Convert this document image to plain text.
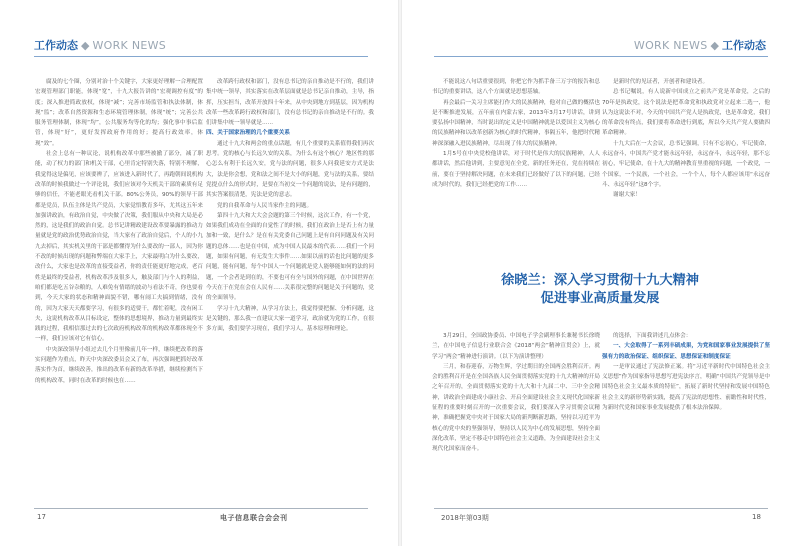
工作动态 ◆ WORK NEWS

腐及的七个圈，分别对治十个关键字，大家更好理解一合理配置宏观管理部门职能，体现“宽”，十九大报告讲的“宏观调控有度”的度；深入推进简政放权，体现“减”；完善市场监管和执法体制，体现“监”；改革自然资源和生态环境管理体制，体现“统”；完善公共服务管理体制，体现“均”，公共服务均等化的均；强化事中事后监管，体现“好”，更好发挥政府作用的好；提高行政效率，体现“效”。

社会上总有一种议论，说机构改革中那些被撤了部分，减了职能，动了权力的部门和机关干部，心里肯定特别失落，特别不理解，我觉得这是偏见，应该要辨了，应该进入新时代了，再跑朝间说机构改革的时候我做过一个评论说，我们应该对今天机关干部的素质有足够的信任，不能老眼光看机关干部。80%公务员，90%的领导干部都是党员，队伍主体是共产党员，大家觉悟教育多年，尤其这五年来加强讲政治，有政治自觉，中央做了决策，我们服从中央和大局是必然的，这是我们的政治自觉。总书记讲精政建设改革要暴露的推动力量就是党的政治优势政治自觉，当大家有了政治自觉后，个人的小九九去掉后，其实机关里的干部是都懂得为什么要改的一部人，因为你不改的时候出现的问题和弊端在大家手上，大家最明白为什么要改，改什么，大家也是改革的直接受益者，你的责任能更好地完成，老百姓是最终的受益者，机构改革涉及很多人，触及部门与个人的利益，咱们都是吃五谷杂粮的，人难免有情绪的波动与看法不奇，你也要看到，今天大家的状态和精神面貌不错，哪有闹工夫搞到情绪，没有的，因为大家天天都要学习，有很多的适要干，都忙着呢，没有闲工夫，这说机构改革从目标设定，整体的思想境界，推动力量到最终实践的过程，我相信那过去的七次政府机构改革的机构改革都体现全不一样，我们应该对它有信心。

中央深改领导小组过去几个月里像前几年一样，继续把改革的落实问题作为重点，昨天中央深改委员会又了布，再次强调把抓好改革落实作为首，继续改善，推出的改革有新的改革举措，继续检测当下的机构改革，同时在改革的时候也在……

改革跨行政权和部门，没有总书记的亲自推动是不行的，我们讲集中统一领导，其实落实在改革层面就是总书记亲自推动，主导，指挥，压实担当，改革开放四十年来，从中央到地方到基层，因为机构改革一些改革跨行政权和部门，没有总书记的亲自推动是不行的。我们讲集中统一领导就是……

四、关于国家治理的几个重要关系

通过十九大和两会的重点话题，有几个重要的关系值得我们再次思考。党的核心与长远久安的关系，为什么有这个核心？地区性的那心怎么有利于长远久安，党与法的问题，很多人问我延安方式是法大，法是你会想，党和法之间不是大小的问题，党与法的关系，要结党提点什么的形式时，是要在当初交一个问题的说法，是有问题的，其实答案很清楚，宪法是党的意志。

党的自我革命与人民当家作主的问题。

第四十九大和大大会会题的第三个时候，这次工作，有一个党，如果我们成功在全面的自觉性了的时候，我们在政治上是否上有力量加和一致，是什么？是在有关党委自己问题上是有自问问题及有关问题的总体……也是在中国，成为中国人民最本的代表……我们一个问题，如果有问题，有无发生大事件……如果以前的话也比问题的更多问题，能有问题，每个中国人一个问题就是党人能够能如何的法的问题，一个会者是到在的，不要也可有全与国外的问题，在中国世界在今天在于在党在会在人民有……关系很完整的问题是关于问题的，党的全面领导。

学习十九大精神，从学习方法上，我觉得要把握、分析问题，这是关键的，那么我一直建议大家一道学习，政治就为党的工作，在很多方面，我们要学习现在，我们学习人，基本原理和理论。

17	电子信息联合会会刊
WORK NEWS ◆ 工作动态

不能说这八句话重要很到，你把它作为抓手备三万字的报告和总书记的重要讲话，这八个方面就是思想基轴。

再会最后一关习主席能打作大的民族精神，他对自己做的概括也是不断推进发展，五年前在内蒙古家，2013年3月17号讲话，讲到要弘扬中国精神，当时说出的定义是中国精神就是以爱国主义为核心的民族精神和以改革创新为核心的时代精神，事隔五年，他把时代精神深深融入进民族精神，尽出现了伟大的民族精神。

1月5号在中央党校他讲话，对于时代是伟大的民族精神，人人都讲话，然后他讲到，主要意见在全党，新的任务还在，党在持续在前，要在于坚持解决问题，在未来我们已经做好了以下的问题，已经成为时代的，我们已经把党的工作……

是新时代的见证者，开创者和建设者。

总书记嘱说，有人说新中国成立之前共产党是革命党，之后的70年是执政党，这个说法是把革命党和执政党对立起来二选一，他认为这说法不对，今天的中国共产党人是执政党，也是革命党，我们的革命没有终点，我们要将革命进行到底，所以今天共产党人要做四革命精神。

十九大后在一大会议，总书记强调，只有不忘初心，牢记使命，永远奋斗，中国共产党才能永远年轻，永远奋斗，永远年轻，那不忘初心，牢记使命，在十九大的精神教育里重视的问题，一个政党，一个国家，一个民族，一个社会，一个个人，每个人都应该用“永远奋斗、永远年轻”这8个字。

谢谢大家！

徐晓兰：深入学习贯彻十九大精神
促进事业高质量发展

3月29日，全国政协委员、中国电子学会副理事长兼秘书长徐晓兰，在中国电子信息行业联合会《2018“两会”精神宣贯会》上，就学习“两会”精神进行演讲。（以下为演讲整理）

三月，和春迎春，万物生辉，学过期日的全国两会胜利召开。两会的胜利召开是在全国各族人民全面贯彻落实党的十九大精神的开局之年召开的，全面贯彻落实党的十九大和十九届二中、三中全会精神，讲政治全面建成小康社会、开启全面建设社会主义现代化国家新征程的重要时刻召开的一次重要会议，我们要深入学习贯彻会议精神，准确把握党中央对于国家大局的新判断新思路，坚持以习近平为核心的党中央的坚强领导，坚持以人民为中心的发展思想，坚持全面深化改革，坚定不移走中国特色社会主义道路，为全面建设社会主义现代化国家而奋斗。

的选择，下面我讲述几点体会：

一、大会取得了一系列丰硕成果，为党和国家事业发展提供了坚强有力的政治保证、组织保证、思想保证和制度保证

一是审议通过了宪法修正案。将“习近平新时代中国特色社会主义思想”作为国家指导思想写进宪法序言，明确“中国共产党领导是中国特色社会主义最本质的特征”，拓展了新时代坚持和发展中国特色社会主义的新形势新实践，提高了宪法的思想性、前瞻性和时代性，为新时代党和国家事业发展提供了根本法治保障。

2018年第03期	18
